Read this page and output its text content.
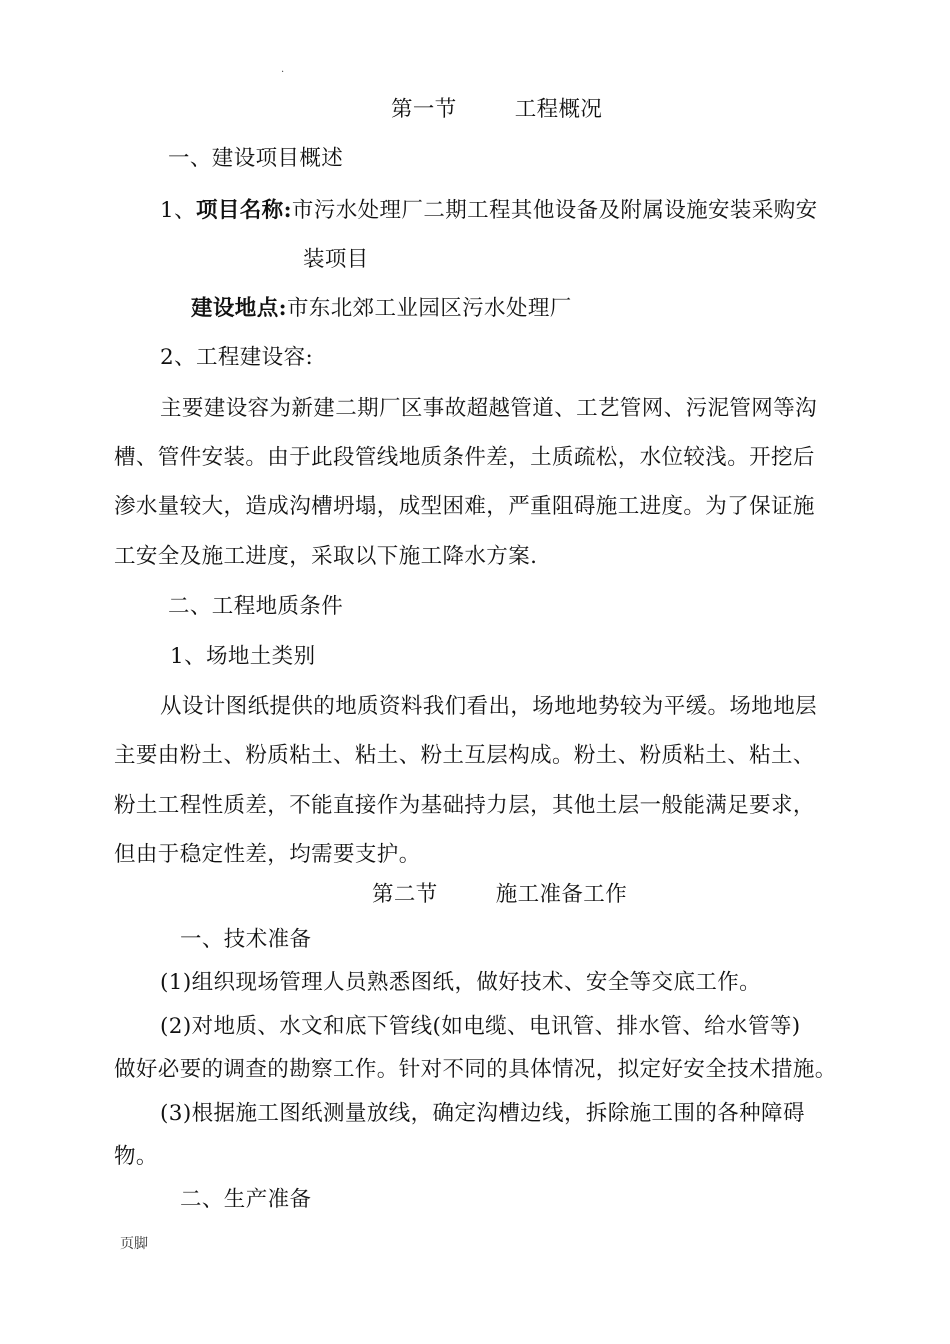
.
第一节	工程概况
一、建设项目概述
1、项目名称:市污水处理厂二期工程其他设备及附属设施安装采购安
装项目
建设地点:市东北郊工业园区污水处理厂
2、工程建设容:
主要建设容为新建二期厂区事故超越管道、工艺管网、污泥管网等沟
槽、管件安装。由于此段管线地质条件差，土质疏松，水位较浅。开挖后
渗水量较大，造成沟槽坍塌，成型困难，严重阻碍施工进度。为了保证施
工安全及施工进度，采取以下施工降水方案.
二、工程地质条件
1、场地土类别
从设计图纸提供的地质资料我们看出，场地地势较为平缓。场地地层
主要由粉土、粉质粘土、粘土、粉土互层构成。粉土、粉质粘土、粘土、
粉土工程性质差，不能直接作为基础持力层，其他土层一般能满足要求，
但由于稳定性差，均需要支护。
第二节	施工准备工作
一、技术准备
(1)组织现场管理人员熟悉图纸，做好技术、安全等交底工作。
(2)对地质、水文和底下管线(如电缆、电讯管、排水管、给水管等)
做好必要的调查的勘察工作。针对不同的具体情况，拟定好安全技术措施。
(3)根据施工图纸测量放线，确定沟槽边线，拆除施工围的各种障碍
物。
二、生产准备
页脚
